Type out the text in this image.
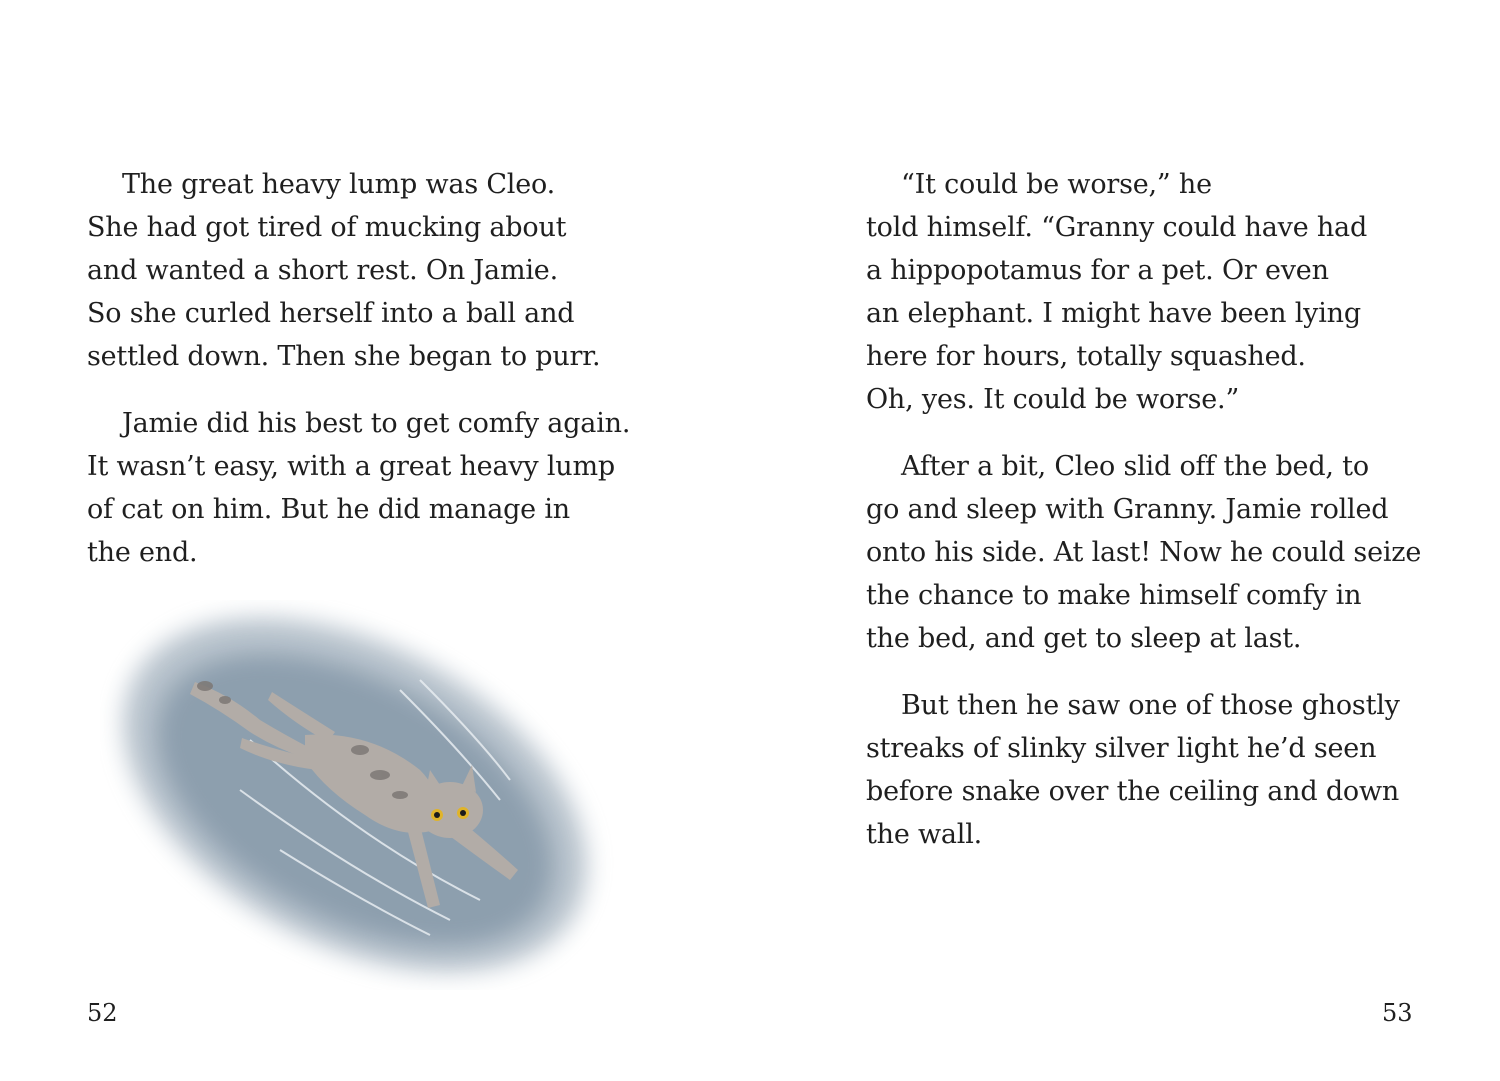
The great heavy lump was Cleo.
She had got tired of mucking about
and wanted a short rest. On Jamie.
So she curled herself into a ball and
settled down. Then she began to purr.
Jamie did his best to get comfy again.
It wasn’t easy, with a great heavy lump
of cat on him. But he did manage in
the end.
52
“It could be worse,” he
told himself. “Granny could have had
a hippopotamus for a pet. Or even
an elephant. I might have been lying
here for hours, totally squashed.
Oh, yes. It could be worse.”
After a bit, Cleo slid off the bed, to
go and sleep with Granny. Jamie rolled
onto his side. At last! Now he could seize
the chance to make himself comfy in
the bed, and get to sleep at last.
But then he saw one of those ghostly
streaks of slinky silver light he’d seen
before snake over the ceiling and down
the wall.
53
